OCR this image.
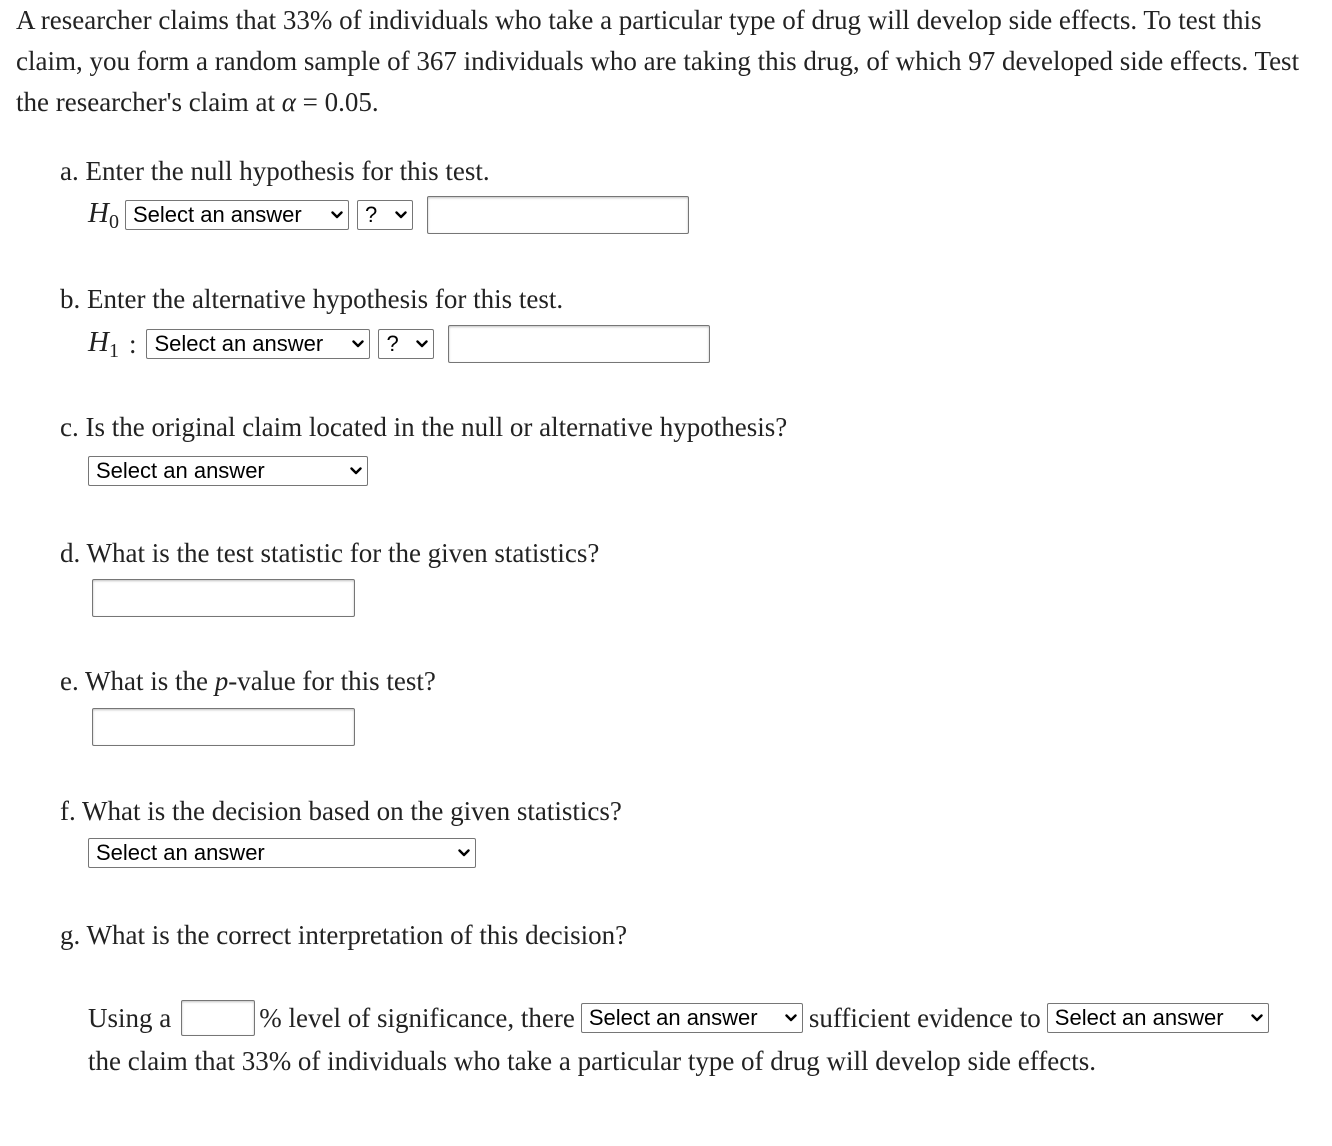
A researcher claims that 33% of individuals who take a particular type of drug will develop side effects. To test this claim, you form a random sample of 367 individuals who are taking this drug, of which 97 developed side effects. Test the researcher's claim at α = 0.05.
a. Enter the null hypothesis for this test.
$H_0$ Select an answer	?
b. Enter the alternative hypothesis for this test.
$H_1$ : Select an answer	?
c. Is the original claim located in the null or alternative hypothesis?
Select an answer
d. What is the test statistic for the given statistics?
e. What is the p-value for this test?
f. What is the decision based on the given statistics?
Select an answer
g. What is the correct interpretation of this decision?
Using a	% level of significance, there Select an answer sufficient evidence to Select an answer
the claim that 33% of individuals who take a particular type of drug will develop side effects.
